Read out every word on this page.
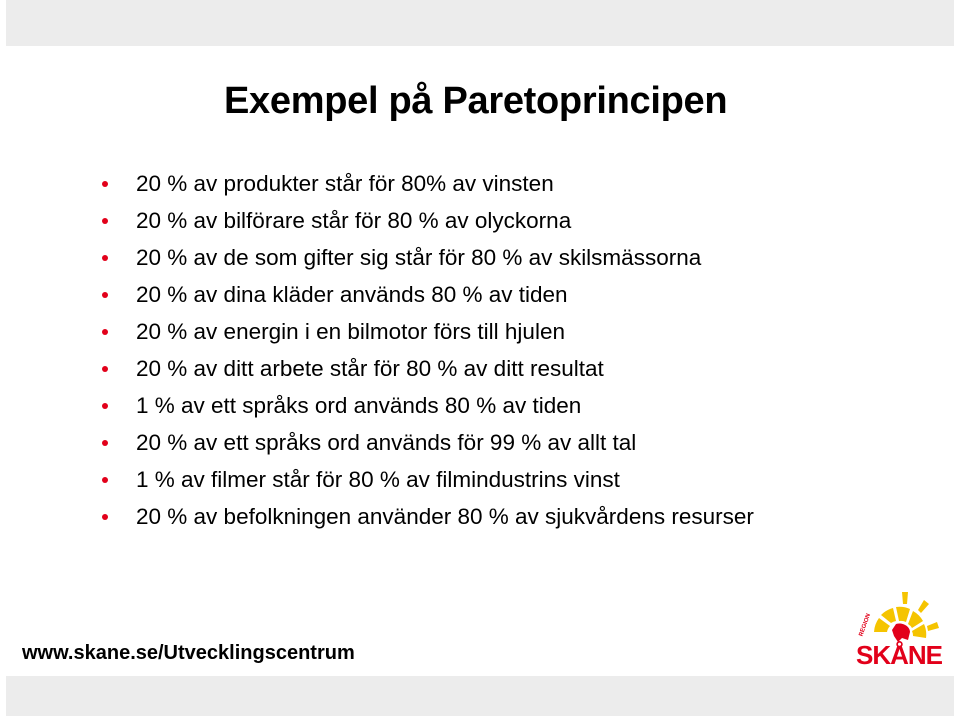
Exempel på Paretoprincipen
20 % av produkter står för 80% av vinsten
20 % av bilförare står för 80 % av olyckorna
20 % av de som gifter sig står för 80 % av skilsmässorna
20 % av dina kläder används 80 % av tiden
20 % av energin i en bilmotor förs till hjulen
20 % av ditt arbete står för 80 % av ditt resultat
1 % av ett språks ord används 80 % av tiden
20 % av ett språks ord används för 99 % av allt tal
1 % av filmer står för 80 % av filmindustrins vinst
20 % av befolkningen använder 80 % av sjukvårdens resurser
www.skane.se/Utvecklingscentrum
REGION
SKÅNE
